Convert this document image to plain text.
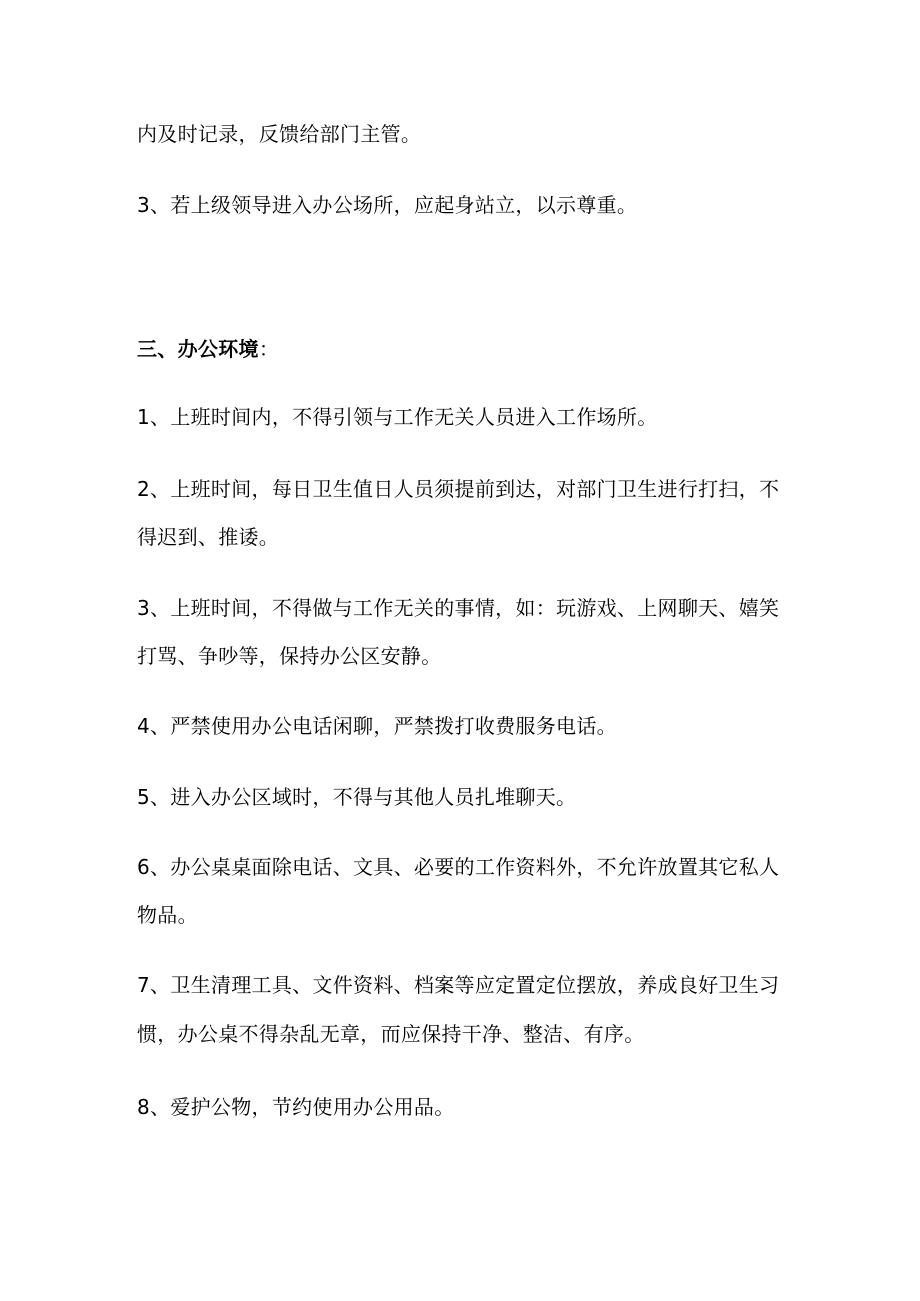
内及时记录，反馈给部门主管。
3、若上级领导进入办公场所，应起身站立，以示尊重。
三、办公环境：
1、上班时间内，不得引领与工作无关人员进入工作场所。
2、上班时间，每日卫生值日人员须提前到达，对部门卫生进行打扫，不
得迟到、推诿。
3、上班时间，不得做与工作无关的事情，如：玩游戏、上网聊天、嬉笑
打骂、争吵等，保持办公区安静。
4、严禁使用办公电话闲聊，严禁拨打收费服务电话。
5、进入办公区域时，不得与其他人员扎堆聊天。
6、办公桌桌面除电话、文具、必要的工作资料外，不允许放置其它私人
物品。
7、卫生清理工具、文件资料、档案等应定置定位摆放，养成良好卫生习
惯，办公桌不得杂乱无章，而应保持干净、整洁、有序。
8、爱护公物，节约使用办公用品。
